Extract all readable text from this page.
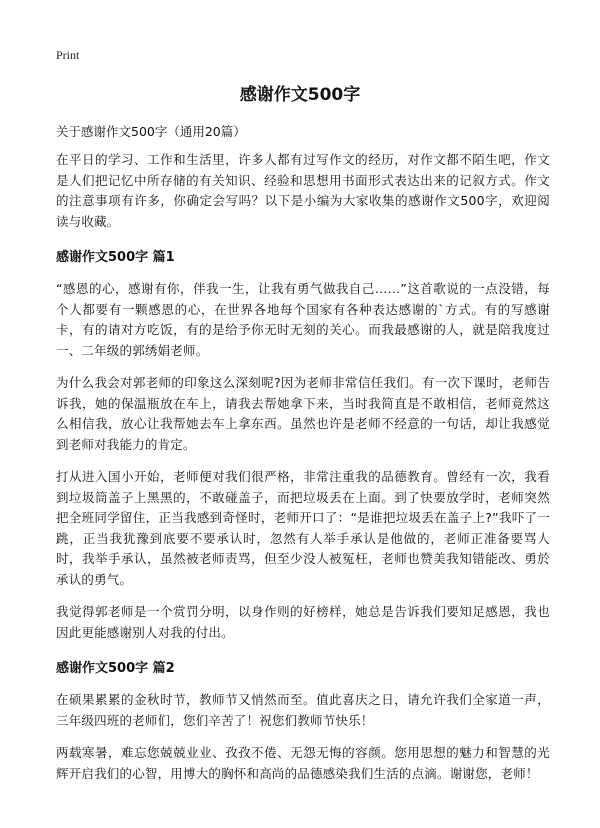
Print
感谢作文500字
关于感谢作文500字（通用20篇）

在平日的学习、工作和生活里，许多人都有过写作文的经历，对作文都不陌生吧，作文是人们把记忆中所存储的有关知识、经验和思想用书面形式表达出来的记叙方式。作文的注意事项有许多，你确定会写吗？以下是小编为大家收集的感谢作文500字，欢迎阅读与收藏。

感谢作文500字 篇1

“感恩的心，感谢有你，伴我一生，让我有勇气做我自己……”这首歌说的一点没错，每个人都要有一颗感恩的心，在世界各地每个国家有各种表达感谢的`方式。有的写感谢卡，有的请对方吃饭，有的是给予你无时无刻的关心。而我最感谢的人，就是陪我度过一、二年级的郭绣娟老师。

为什么我会对郭老师的印象这么深刻呢?因为老师非常信任我们。有一次下课时，老师告诉我，她的保温瓶放在车上，请我去帮她拿下来，当时我简直是不敢相信，老师竟然这么相信我，放心让我帮她去车上拿东西。虽然也许是老师不经意的一句话，却让我感觉到老师对我能力的肯定。

打从进入国小开始，老师便对我们很严格，非常注重我的品德教育。曾经有一次，我看到垃圾筒盖子上黑黑的，不敢碰盖子，而把垃圾丢在上面。到了快要放学时，老师突然把全班同学留住，正当我感到奇怪时，老师开口了：“是谁把垃圾丢在盖子上?”我吓了一跳，正当我犹豫到底要不要承认时，忽然有人举手承认是他做的，老师正准备要骂人时，我举手承认，虽然被老师责骂，但至少没人被冤枉，老师也赞美我知错能改、勇於承认的勇气。

我觉得郭老师是一个赏罚分明，以身作则的好榜样，她总是告诉我们要知足感恩，我也因此更能感谢别人对我的付出。

感谢作文500字 篇2

在硕果累累的金秋时节，教师节又悄然而至。值此喜庆之日，请允许我们全家道一声，三年级四班的老师们，您们辛苦了！祝您们教师节快乐！

两载寒暑，难忘您兢兢业业、孜孜不倦、无怨无悔的容颜。您用思想的魅力和智慧的光辉开启我们的心智，用博大的胸怀和高尚的品德感染我们生活的点滴。谢谢您，老师！
